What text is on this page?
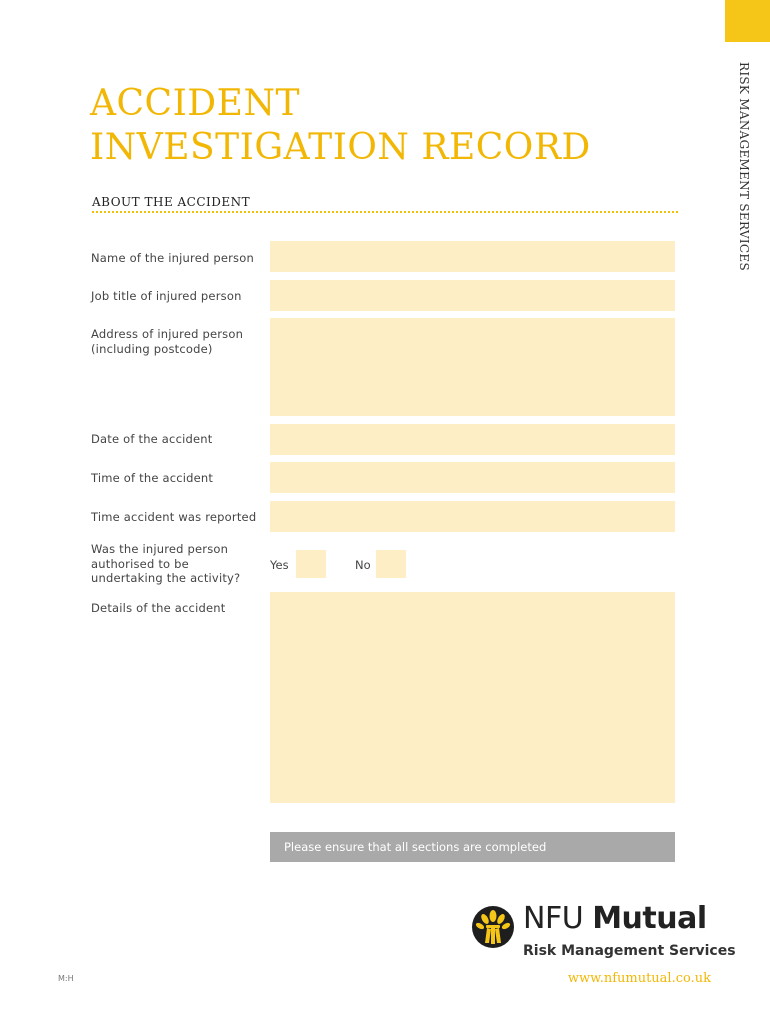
RISK MANAGEMENT SERVICES
ACCIDENT
INVESTIGATION RECORD
ABOUT THE ACCIDENT
Name of the injured person
Job title of injured person
Address of injured person
(including postcode)
Date of the accident
Time of the accident
Time accident was reported
Was the injured person
authorised to be
undertaking the activity?
Yes	No
Details of the accident
Please ensure that all sections are completed
M:H
NFU Mutual
Risk Management Services
www.nfumutual.co.uk
